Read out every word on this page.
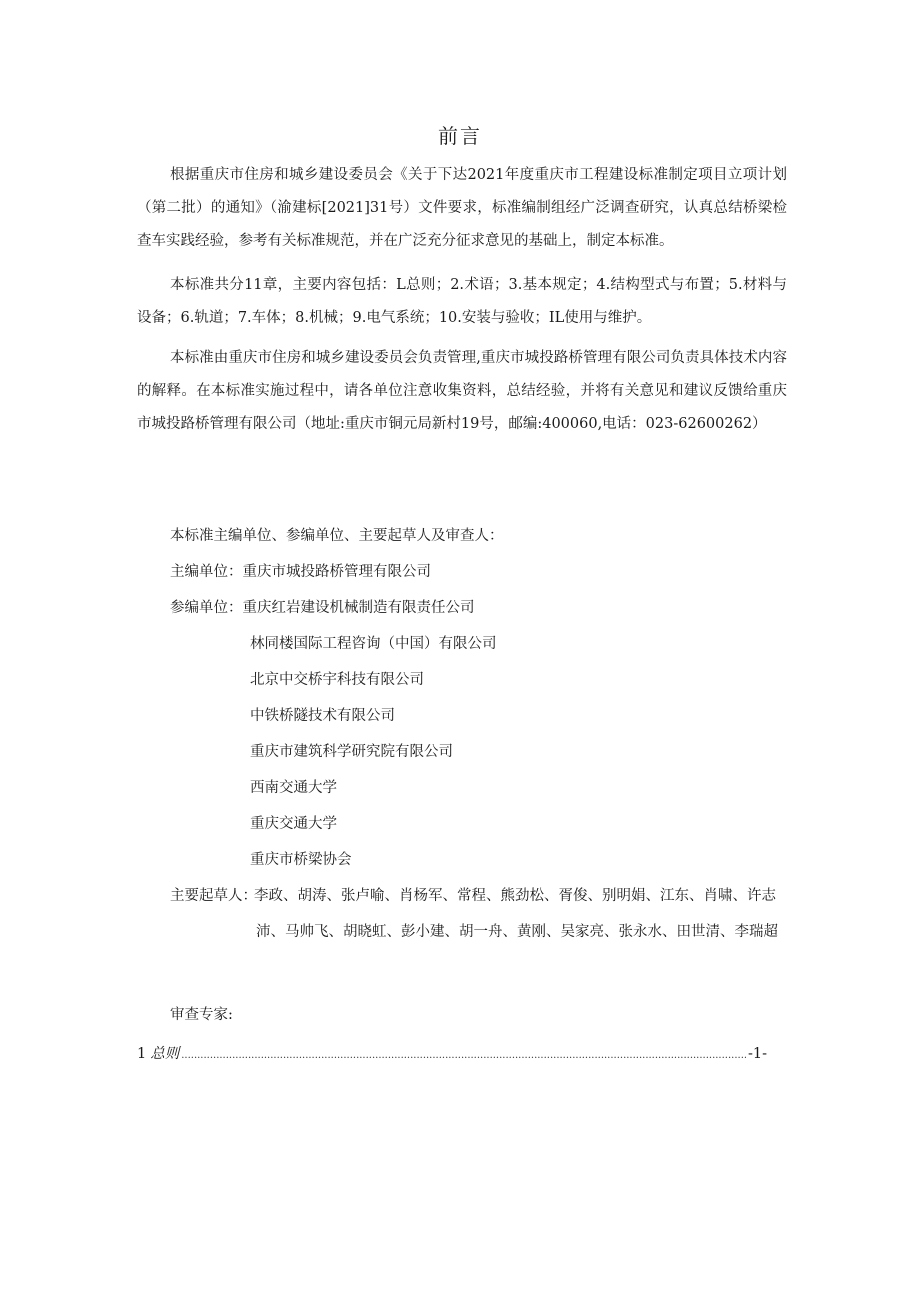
前言
根据重庆市住房和城乡建设委员会《关于下达2021年度重庆市工程建设标准制定项目立项计划（第二批）的通知》（渝建标[2021]31号）文件要求，标准编制组经广泛调查研究，认真总结桥梁检查车实践经验，参考有关标准规范，并在广泛充分征求意见的基础上，制定本标准。
本标准共分11章，主要内容包括：L总则；2.术语；3.基本规定；4.结构型式与布置；5.材料与设备；6.轨道；7.车体；8.机械；9.电气系统；10.安装与验收；IL使用与维护。
本标准由重庆市住房和城乡建设委员会负责管理,重庆市城投路桥管理有限公司负责具体技术内容的解释。在本标准实施过程中，请各单位注意收集资料，总结经验，并将有关意见和建议反馈给重庆市城投路桥管理有限公司（地址:重庆市铜元局新村19号，邮编:400060,电话：023-62600262）
本标准主编单位、参编单位、主要起草人及审查人：
主编单位：重庆市城投路桥管理有限公司
参编单位：重庆红岩建设机械制造有限责任公司
林同楼国际工程咨询（中国）有限公司
北京中交桥宇科技有限公司
中铁桥隧技术有限公司
重庆市建筑科学研究院有限公司
西南交通大学
重庆交通大学
重庆市桥梁协会
主要起草人：
李政、胡涛、张卢喻、肖杨军、常程、熊劲松、胥俊、别明娟、江东、肖啸、许志沛、马帅飞、胡晓虹、彭小建、胡一舟、黄刚、吴家亮、张永水、田世清、李瑞超
审查专家:
1 总则
.....	-1-
